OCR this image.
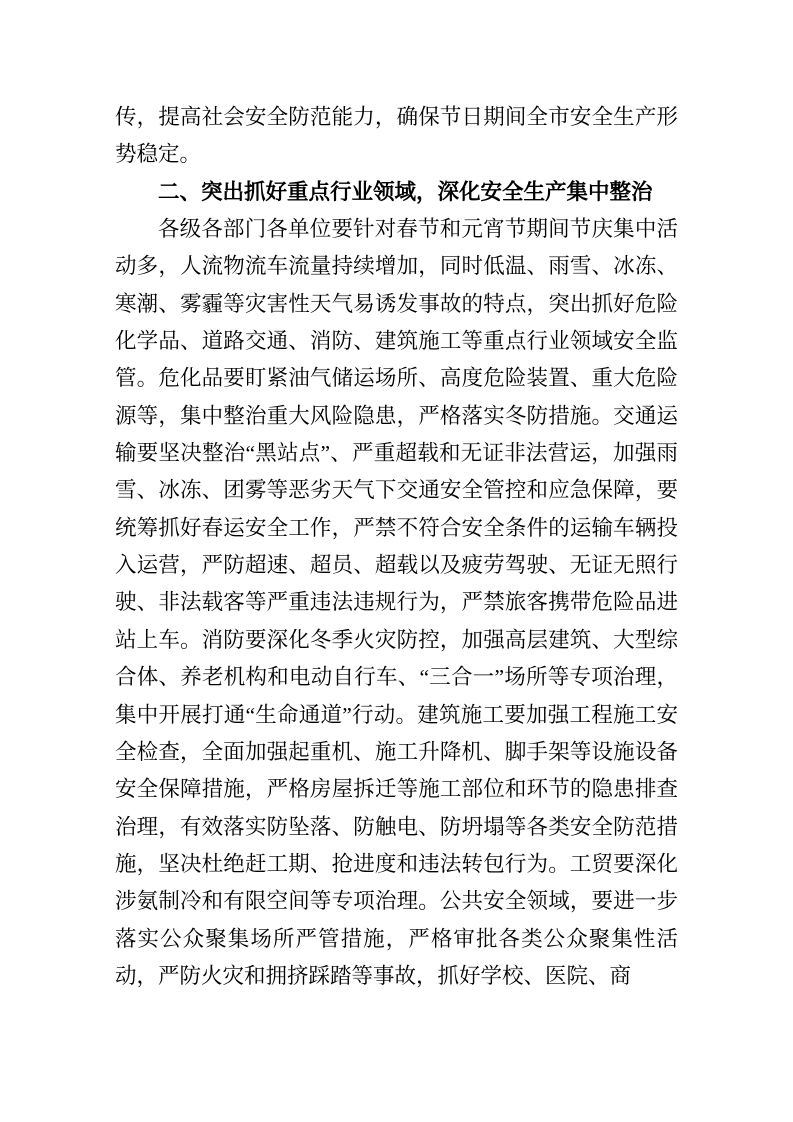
传，提高社会安全防范能力，确保节日期间全市安全生产形势稳定。

二、突出抓好重点行业领域，深化安全生产集中整治

各级各部门各单位要针对春节和元宵节期间节庆集中活动多，人流物流车流量持续增加，同时低温、雨雪、冰冻、寒潮、雾霾等灾害性天气易诱发事故的特点，突出抓好危险化学品、道路交通、消防、建筑施工等重点行业领域安全监管。危化品要盯紧油气储运场所、高度危险装置、重大危险源等，集中整治重大风险隐患，严格落实冬防措施。交通运输要坚决整治“黑站点”、严重超载和无证非法营运，加强雨雪、冰冻、团雾等恶劣天气下交通安全管控和应急保障，要统筹抓好春运安全工作，严禁不符合安全条件的运输车辆投入运营，严防超速、超员、超载以及疲劳驾驶、无证无照行驶、非法载客等严重违法违规行为，严禁旅客携带危险品进站上车。消防要深化冬季火灾防控，加强高层建筑、大型综合体、养老机构和电动自行车、“三合一”场所等专项治理，集中开展打通“生命通道”行动。建筑施工要加强工程施工安全检查，全面加强起重机、施工升降机、脚手架等设施设备安全保障措施，严格房屋拆迁等施工部位和环节的隐患排查治理，有效落实防坠落、防触电、防坍塌等各类安全防范措施，坚决杜绝赶工期、抢进度和违法转包行为。工贸要深化涉氨制冷和有限空间等专项治理。公共安全领域，要进一步落实公众聚集场所严管措施，严格审批各类公众聚集性活动，严防火灾和拥挤踩踏等事故，抓好学校、医院、商
